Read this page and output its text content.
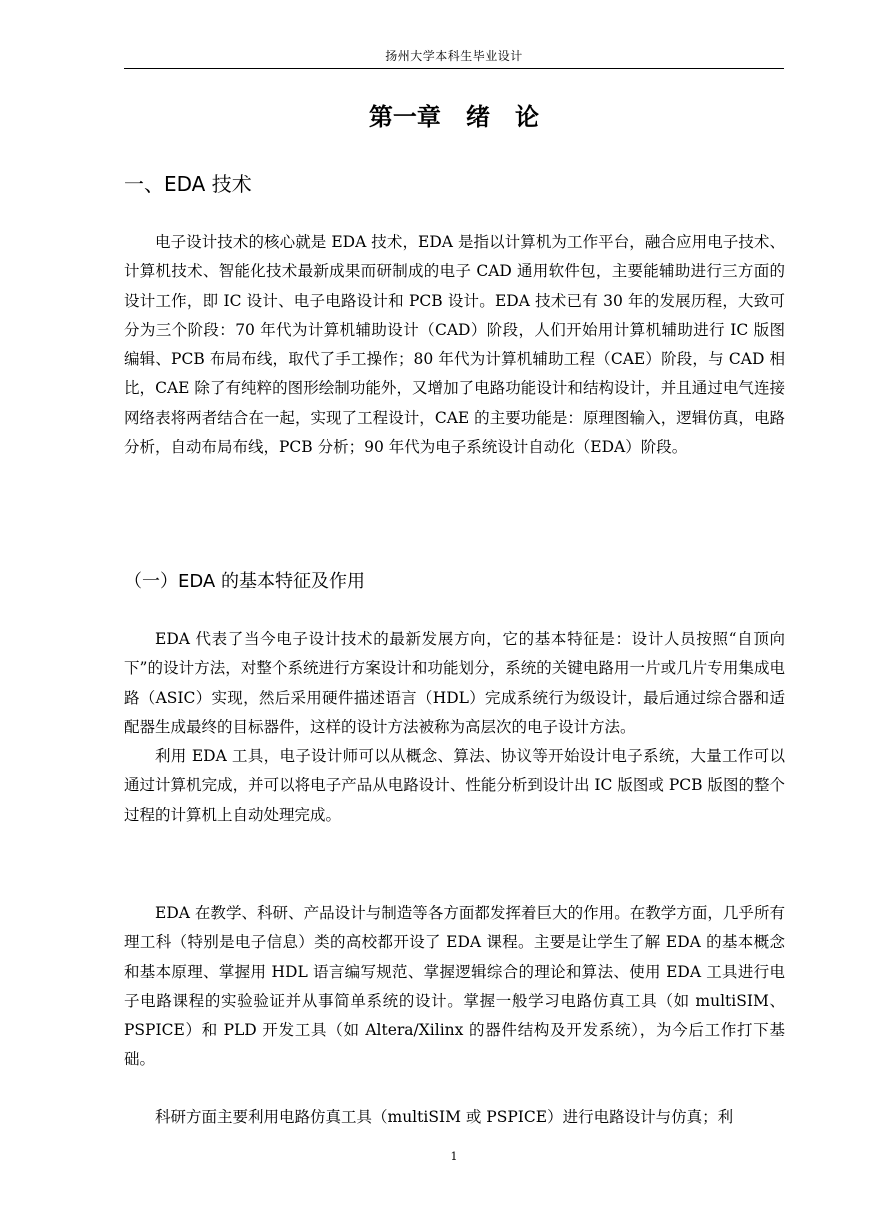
扬州大学本科生毕业设计
第一章   绪   论
一、EDA 技术

电子设计技术的核心就是 EDA 技术，EDA 是指以计算机为工作平台，融合应用电子技术、计算机技术、智能化技术最新成果而研制成的电子 CAD 通用软件包，主要能辅助进行三方面的设计工作，即 IC 设计、电子电路设计和 PCB 设计。EDA 技术已有 30 年的发展历程，大致可分为三个阶段：70 年代为计算机辅助设计（CAD）阶段，人们开始用计算机辅助进行 IC 版图编辑、PCB 布局布线，取代了手工操作；80 年代为计算机辅助工程（CAE）阶段，与 CAD 相比，CAE 除了有纯粹的图形绘制功能外，又增加了电路功能设计和结构设计，并且通过电气连接网络表将两者结合在一起，实现了工程设计，CAE 的主要功能是：原理图输入，逻辑仿真，电路分析，自动布局布线，PCB 分析；90 年代为电子系统设计自动化（EDA）阶段。

（一）EDA 的基本特征及作用

EDA 代表了当今电子设计技术的最新发展方向，它的基本特征是：设计人员按照“自顶向下”的设计方法，对整个系统进行方案设计和功能划分，系统的关键电路用一片或几片专用集成电路（ASIC）实现，然后采用硬件描述语言（HDL）完成系统行为级设计，最后通过综合器和适配器生成最终的目标器件，这样的设计方法被称为高层次的电子设计方法。

利用 EDA 工具，电子设计师可以从概念、算法、协议等开始设计电子系统，大量工作可以通过计算机完成，并可以将电子产品从电路设计、性能分析到设计出 IC 版图或 PCB 版图的整个过程的计算机上自动处理完成。

EDA 在教学、科研、产品设计与制造等各方面都发挥着巨大的作用。在教学方面，几乎所有理工科（特别是电子信息）类的高校都开设了 EDA 课程。主要是让学生了解 EDA 的基本概念和基本原理、掌握用 HDL 语言编写规范、掌握逻辑综合的理论和算法、使用 EDA 工具进行电子电路课程的实验验证并从事简单系统的设计。掌握一般学习电路仿真工具（如 multiSIM、PSPICE）和 PLD 开发工具（如 Altera/Xilinx 的器件结构及开发系统），为今后工作打下基础。

科研方面主要利用电路仿真工具（multiSIM 或 PSPICE）进行电路设计与仿真；利

1
